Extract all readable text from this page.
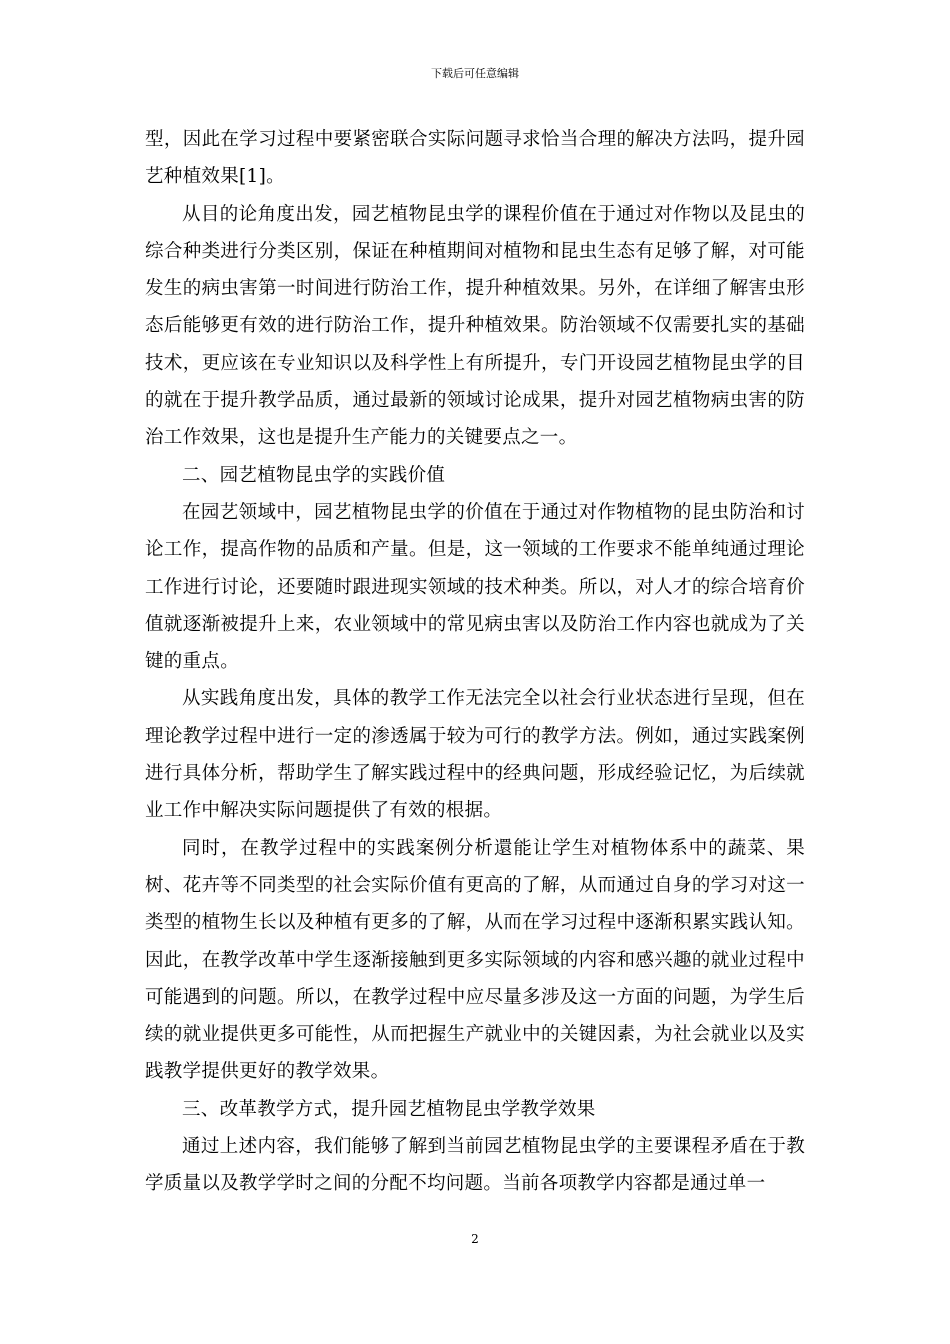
下载后可任意编辑

型，因此在学习过程中要紧密联合实际问题寻求恰当合理的解决方法吗，提升园艺种植效果[1]。

从目的论角度出发，园艺植物昆虫学的课程价值在于通过对作物以及昆虫的综合种类进行分类区别，保证在种植期间对植物和昆虫生态有足够了解，对可能发生的病虫害第一时间进行防治工作，提升种植效果。另外，在详细了解害虫形态后能够更有效的进行防治工作，提升种植效果。防治领域不仅需要扎实的基础技术，更应该在专业知识以及科学性上有所提升，专门开设园艺植物昆虫学的目的就在于提升教学品质，通过最新的领域讨论成果，提升对园艺植物病虫害的防治工作效果，这也是提升生产能力的关键要点之一。

二、园艺植物昆虫学的实践价值

在园艺领域中，园艺植物昆虫学的价值在于通过对作物植物的昆虫防治和讨论工作，提高作物的品质和产量。但是，这一领域的工作要求不能单纯通过理论工作进行讨论，还要随时跟进现实领域的技术种类。所以，对人才的综合培育价值就逐渐被提升上来，农业领域中的常见病虫害以及防治工作内容也就成为了关键的重点。

从实践角度出发，具体的教学工作无法完全以社会行业状态进行呈现，但在理论教学过程中进行一定的渗透属于较为可行的教学方法。例如，通过实践案例进行具体分析，帮助学生了解实践过程中的经典问题，形成经验记忆，为后续就业工作中解决实际问题提供了有效的根据。

同时，在教学过程中的实践案例分析還能让学生对植物体系中的蔬菜、果树、花卉等不同类型的社会实际价值有更高的了解，从而通过自身的学习对这一类型的植物生长以及种植有更多的了解，从而在学习过程中逐渐积累实践认知。因此，在教学改革中学生逐渐接触到更多实际领域的内容和感兴趣的就业过程中可能遇到的问题。所以，在教学过程中应尽量多涉及这一方面的问题，为学生后续的就业提供更多可能性，从而把握生产就业中的关键因素，为社会就业以及实践教学提供更好的教学效果。

三、改革教学方式，提升园艺植物昆虫学教学效果

通过上述内容，我们能够了解到当前园艺植物昆虫学的主要课程矛盾在于教学质量以及教学学时之间的分配不均问题。当前各项教学内容都是通过单一

2
